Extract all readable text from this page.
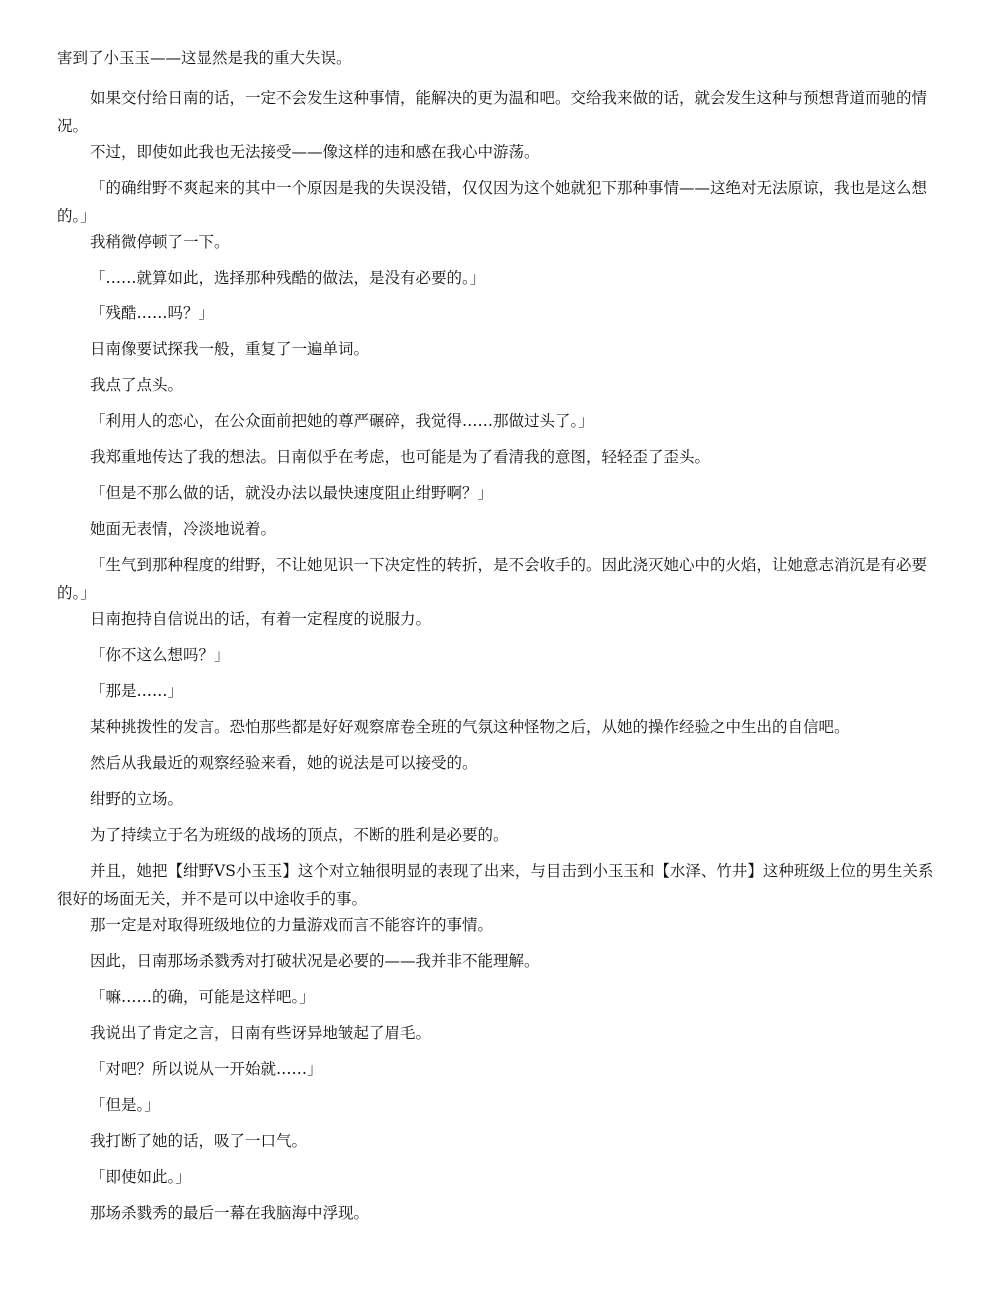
害到了小玉玉——这显然是我的重大失误。

如果交付给日南的话，一定不会发生这种事情，能解决的更为温和吧。交给我来做的话，就会发生这种与预想背道而驰的情况。

不过，即使如此我也无法接受——像这样的违和感在我心中游荡。

「的确绀野不爽起来的其中一个原因是我的失误没错，仅仅因为这个她就犯下那种事情——这绝对无法原谅，我也是这么想的。」

我稍微停顿了一下。

「……就算如此，选择那种残酷的做法，是没有必要的。」

「残酷……吗？」

日南像要试探我一般，重复了一遍单词。

我点了点头。

「利用人的恋心，在公众面前把她的尊严碾碎，我觉得……那做过头了。」

我郑重地传达了我的想法。日南似乎在考虑，也可能是为了看清我的意图，轻轻歪了歪头。

「但是不那么做的话，就没办法以最快速度阻止绀野啊？」

她面无表情，冷淡地说着。

「生气到那种程度的绀野，不让她见识一下决定性的转折，是不会收手的。因此浇灭她心中的火焰，让她意志消沉是有必要的。」

日南抱持自信说出的话，有着一定程度的说服力。

「你不这么想吗？」

「那是……」

某种挑拨性的发言。恐怕那些都是好好观察席卷全班的气氛这种怪物之后，从她的操作经验之中生出的自信吧。

然后从我最近的观察经验来看，她的说法是可以接受的。

绀野的立场。

为了持续立于名为班级的战场的顶点，不断的胜利是必要的。

并且，她把【绀野VS小玉玉】这个对立轴很明显的表现了出来，与目击到小玉玉和【水泽、竹井】这种班级上位的男生关系很好的场面无关，并不是可以中途收手的事。

那一定是对取得班级地位的力量游戏而言不能容许的事情。

因此，日南那场杀戮秀对打破状况是必要的——我并非不能理解。

「嘛……的确，可能是这样吧。」

我说出了肯定之言，日南有些讶异地皱起了眉毛。

「对吧？所以说从一开始就……」

「但是。」

我打断了她的话，吸了一口气。

「即使如此。」

那场杀戮秀的最后一幕在我脑海中浮现。
